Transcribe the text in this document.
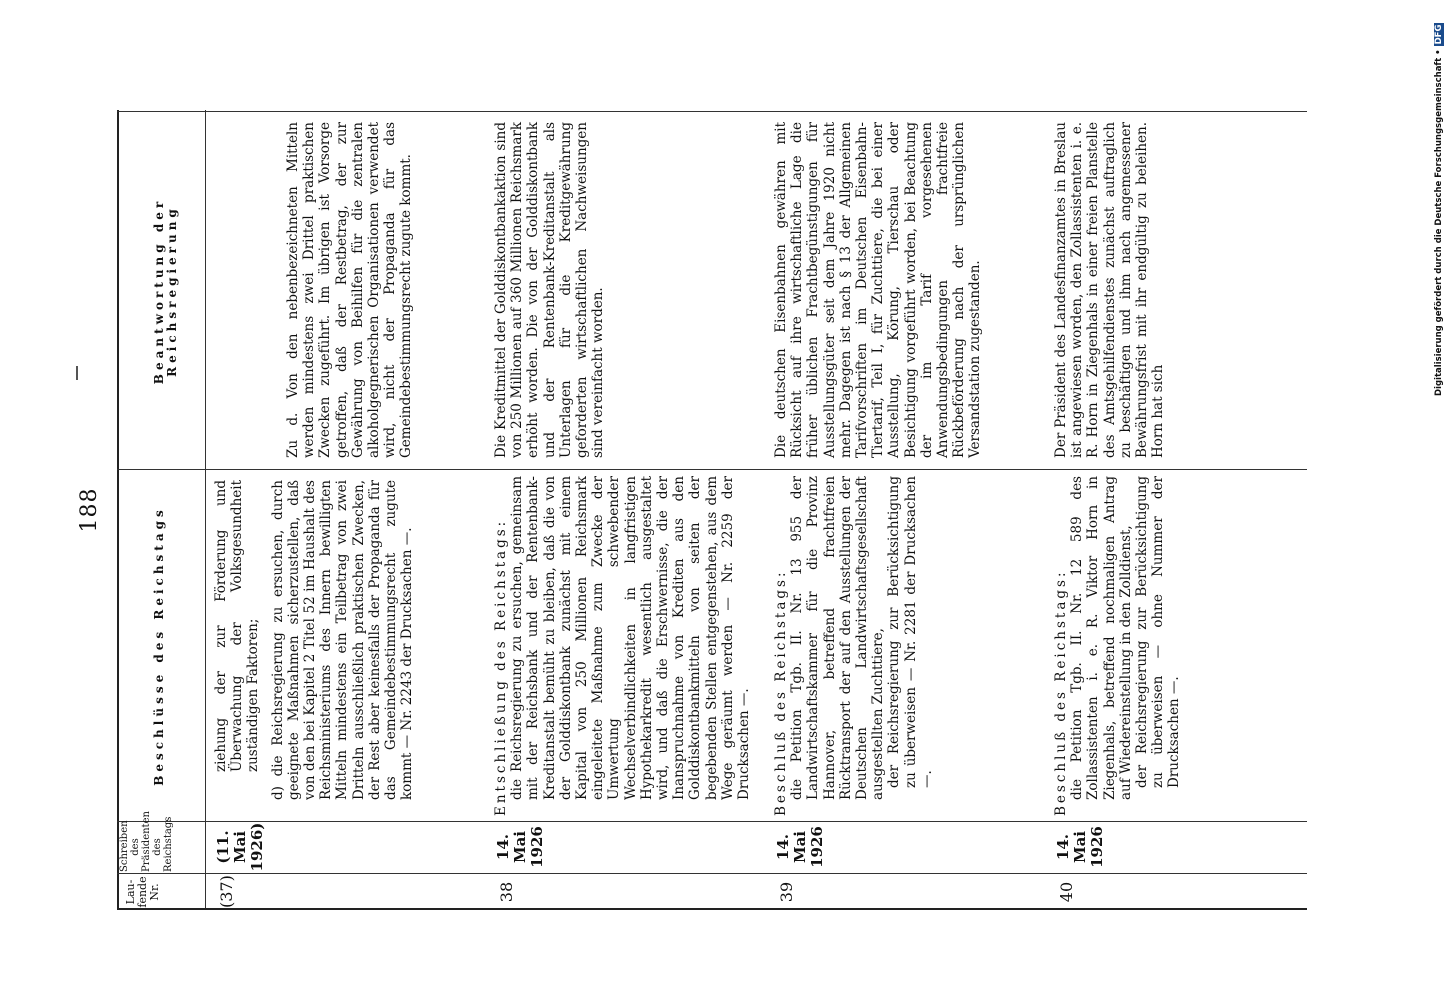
188
Lau-
fende
Nr.
Schreiben
des
Präsidenten
des
Reichstags
Beschlüsse des Reichstags
Beantwortung der Reichsregierung
(37)
(11. Mai
1926)

ziehung der zur Förderung und Überwachung der Volksgesundheit zuständigen Faktoren; d) die Reichsregierung zu ersuchen, durch geeignete Maßnahmen sicherzustellen, daß von den bei Kapitel 2 Titel 52 im Haushalt des Reichsministeriums des Innern bewilligten Mitteln mindestens ein Teilbetrag von zwei Dritteln ausschließlich praktischen Zwecken, der Rest aber keinesfalls der Propaganda für das Gemeindebestimmungsrecht zugute kommt — Nr. 2243 der Drucksachen —.

Zu d. Von den nebenbezeichneten Mitteln werden mindestens zwei Drittel praktischen Zwecken zugeführt. Im übrigen ist Vorsorge getroffen, daß der Restbetrag, der zur Gewährung von Beihilfen für die zentralen alkoholgegnerischen Organisationen verwendet wird, nicht der Propaganda für das Gemeindebestimmungsrecht zugute kommt.
38
14. Mai
1926

Entschließung des Reichstags: die Reichsregierung zu ersuchen, gemeinsam mit der Reichsbank und der Rentenbank-Kreditanstalt bemüht zu bleiben, daß die von der Golddiskontbank zunächst mit einem Kapital von 250 Millionen Reichsmark eingeleitete Maßnahme zum Zwecke der Umwertung schwebender Wechselverbindlichkeiten in langfristigen Hypothekarkredit wesentlich ausgestaltet wird, und daß die Erschwernisse, die der Inanspruchnahme von Krediten aus den Golddiskontbankmitteln von seiten der begebenden Stellen entgegenstehen, aus dem Wege geräumt werden — Nr. 2259 der Drucksachen —.

Die Kreditmittel der Golddiskontbankaktion sind von 250 Millionen auf 360 Millionen Reichsmark erhöht worden. Die von der Golddiskontbank und der Rentenbank-Kreditanstalt als Unterlagen für die Kreditgewährung geforderten wirtschaftlichen Nachweisungen sind vereinfacht worden.
39
14. Mai
1926

Beschluß des Reichstags: die Petition Tgb. II. Nr. 13 955 der Landwirtschaftskammer für die Provinz Hannover, betreffend frachtfreien Rücktransport der auf den Ausstellungen der Deutschen Landwirtschaftsgesellschaft ausgestellten Zuchttiere, der Reichsregierung zur Berücksichtigung zu überweisen — Nr. 2281 der Drucksachen —.

Die deutschen Eisenbahnen gewähren mit Rücksicht auf ihre wirtschaftliche Lage die früher üblichen Frachtbegünstigungen für Ausstellungsgüter seit dem Jahre 1920 nicht mehr. Dagegen ist nach § 13 der Allgemeinen Tarifvorschriften im Deutschen Eisenbahn-Tiertarif, Teil I, für Zuchttiere, die bei einer Ausstellung, Körung, Tierschau oder Besichtigung vorgeführt worden, bei Beachtung der im Tarif vorgesehenen Anwendungsbedingungen frachtfreie Rückbeförderung nach der ursprünglichen Versandstation zugestanden.
40
14. Mai
1926

Beschluß des Reichstags: die Petition Tgb. II. Nr. 12 589 des Zollassistenten i. e. R. Viktor Horn in Ziegenhals, betreffend nochmaligen Antrag auf Wiedereinstellung in den Zolldienst, der Reichsregierung zur Berücksichtigung zu überweisen — ohne Nummer der Drucksachen —.

Der Präsident des Landesfinanzamtes in Breslau ist angewiesen worden, den Zollassistenten i. e. R. Horn in Ziegenhals in einer freien Planstelle des Amtsgehilfendienstes zunächst auftraglich zu beschäftigen und ihm nach angemessener Bewährungsfrist mit ihr endgültig zu beleihen. Horn hat sich
Digitalisierung gefördert durch die Deutsche Forschungsgemeinschaft •DFG
